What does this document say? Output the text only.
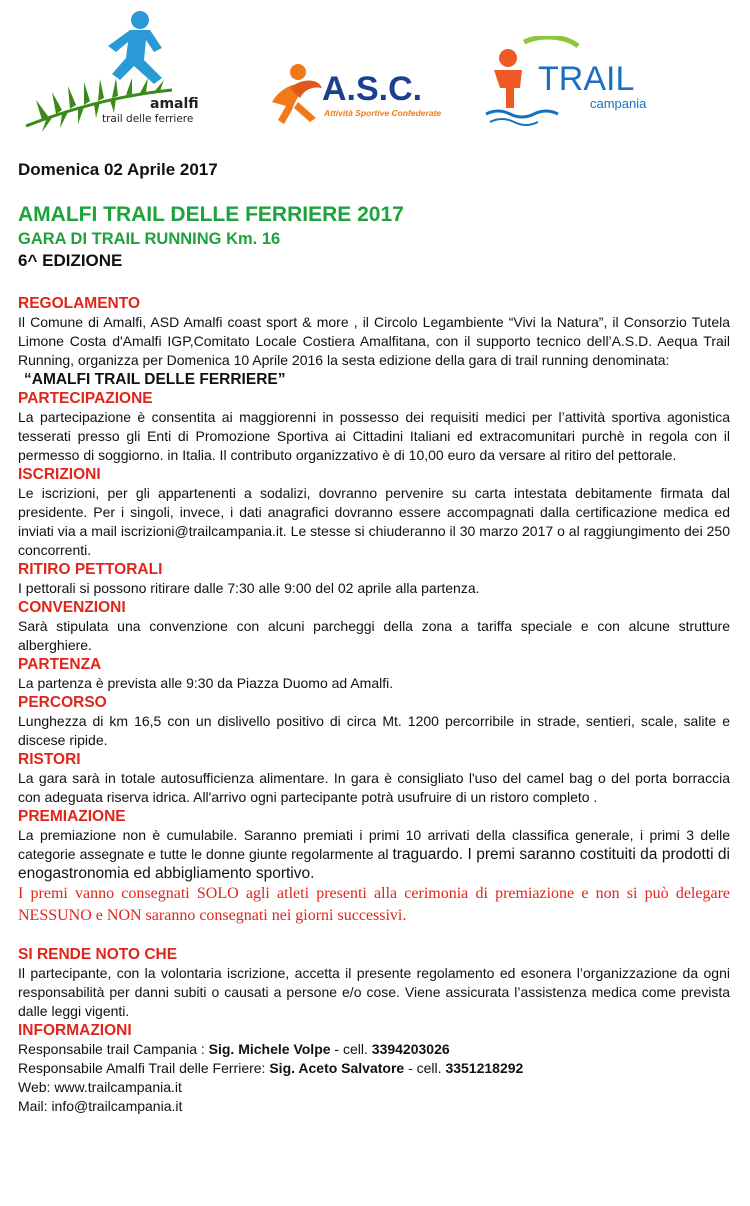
amalfi
trail delle ferriere
A.S.C.
Attività Sportive Confederate
TRAIL
campania
Domenica 02 Aprile 2017
AMALFI TRAIL DELLE FERRIERE 2017
GARA DI TRAIL RUNNING Km. 16
6^ EDIZIONE
REGOLAMENTO

Il Comune di Amalfi, ASD Amalfi coast sport & more , il Circolo Legambiente “Vivi la Natura”, il Consorzio Tutela Limone Costa d'Amalfi IGP,Comitato Locale Costiera Amalfitana, con il supporto tecnico dell’A.S.D. Aequa Trail Running, organizza per Domenica 10 Aprile 2016 la sesta edizione della gara di trail running denominata:

“AMALFI TRAIL DELLE FERRIERE”
PARTECIPAZIONE

La partecipazione è consentita ai maggiorenni in possesso dei requisiti medici per l’attività sportiva agonistica tesserati presso gli Enti di Promozione Sportiva ai Cittadini Italiani ed extracomunitari purchè in regola con il permesso di soggiorno. in Italia. Il contributo organizzativo è di 10,00 euro da versare al ritiro del pettorale.

ISCRIZIONI

Le iscrizioni, per gli appartenenti a sodalizi, dovranno pervenire su carta intestata debitamente firmata dal presidente. Per i singoli, invece, i dati anagrafici dovranno essere accompagnati dalla certificazione medica ed inviati via a mail iscrizioni@trailcampania.it. Le stesse si chiuderanno il 30 marzo 2017 o al raggiungimento dei 250 concorrenti.

RITIRO PETTORALI

I pettorali si possono ritirare dalle 7:30 alle 9:00 del 02 aprile alla partenza.

CONVENZIONI

Sarà stipulata una convenzione con alcuni parcheggi della zona a tariffa speciale e con alcune strutture alberghiere.

PARTENZA

La partenza è prevista alle 9:30 da Piazza Duomo ad Amalfi.

PERCORSO

Lunghezza di km 16,5 con un dislivello positivo di circa Mt. 1200 percorribile in strade, sentieri, scale, salite e discese ripide.

RISTORI

La gara sarà in totale autosufficienza alimentare. In gara è consigliato l'uso del camel bag o del porta borraccia con adeguata riserva idrica. All'arrivo ogni partecipante potrà usufruire di un ristoro completo .

PREMIAZIONE

La premiazione non è cumulabile. Saranno premiati i primi 10 arrivati della classifica generale, i primi 3 delle categorie assegnate e tutte le donne giunte regolarmente al traguardo. I premi saranno costituiti da prodotti di enogastronomia ed abbigliamento sportivo.

I premi vanno consegnati SOLO agli atleti presenti alla cerimonia di premiazione e non si può delegare NESSUNO e NON saranno consegnati nei giorni successivi.

SI RENDE NOTO CHE

Il partecipante, con la volontaria iscrizione, accetta il presente regolamento ed esonera l’organizzazione da ogni responsabilità per danni subiti o causati a persone e/o cose. Viene assicurata l’assistenza medica come prevista dalle leggi vigenti.

INFORMAZIONI
Responsabile trail Campania : Sig. Michele Volpe - cell. 3394203026
Responsabile Amalfi Trail delle Ferriere: Sig. Aceto Salvatore - cell. 3351218292
Web: www.trailcampania.it
Mail: info@trailcampania.it
